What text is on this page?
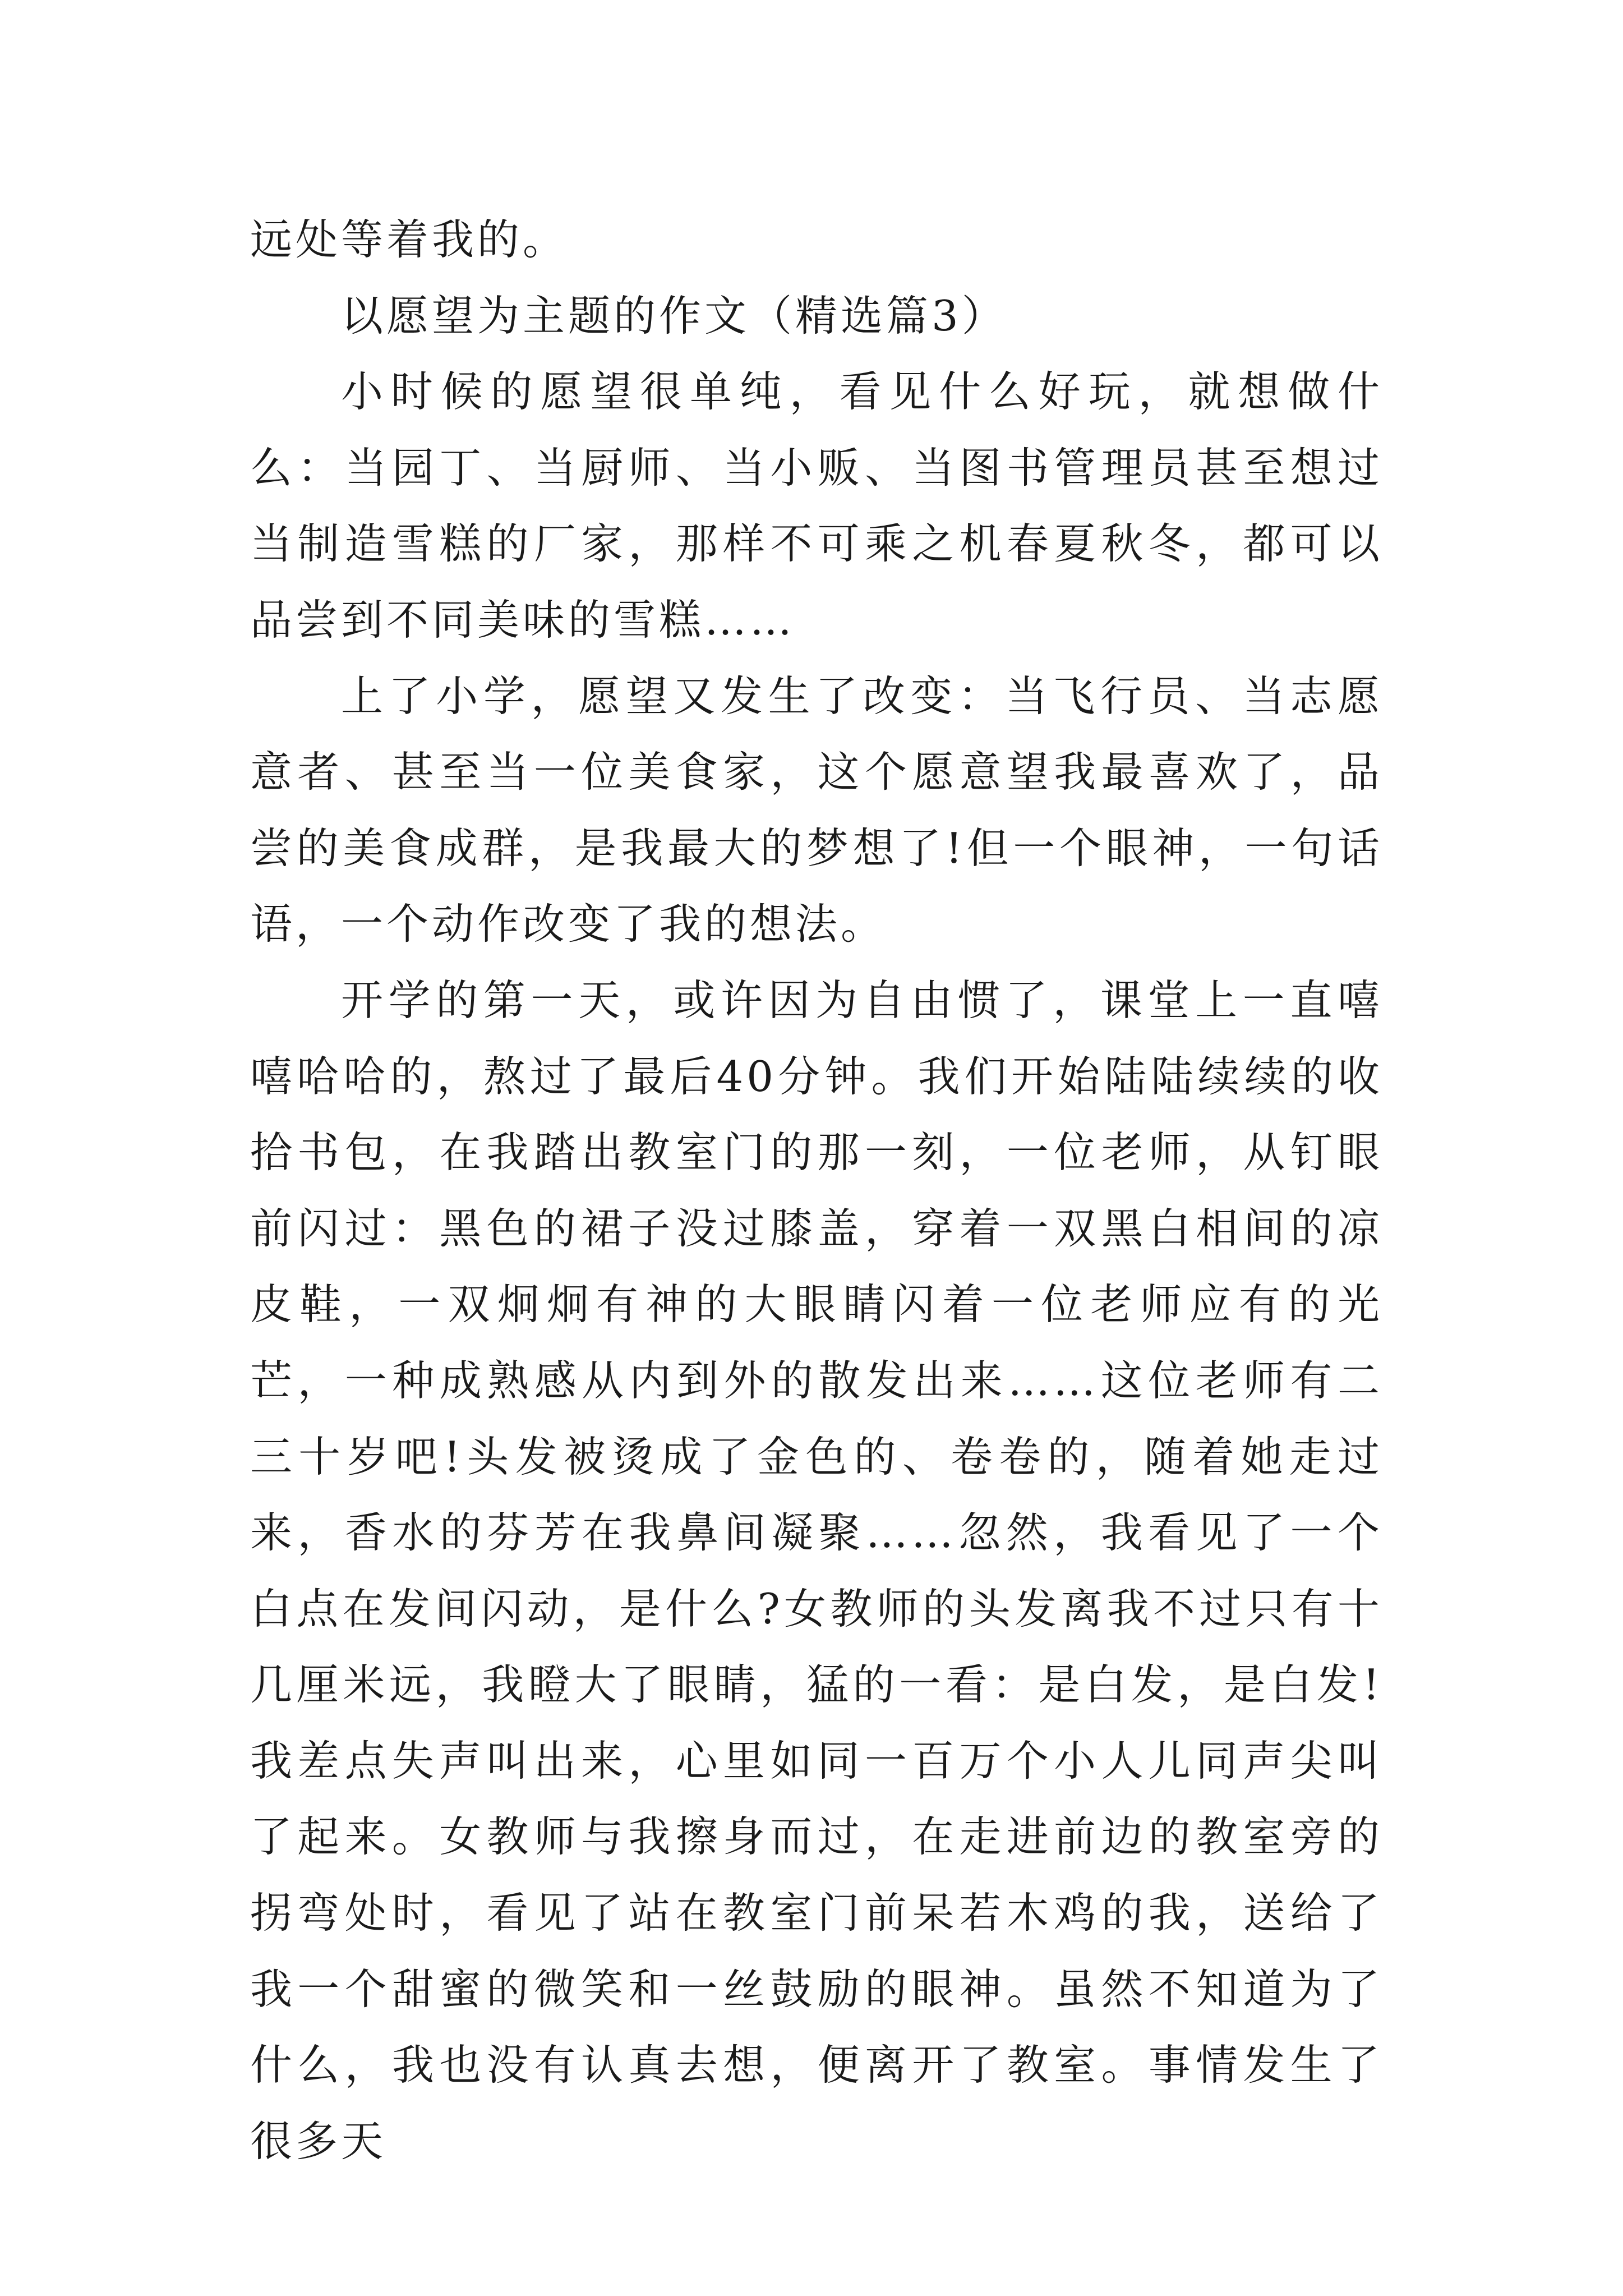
远处等着我的。

以愿望为主题的作文（精选篇3）

小时候的愿望很单纯，看见什么好玩，就想做什么：当园丁、当厨师、当小贩、当图书管理员甚至想过当制造雪糕的厂家，那样不可乘之机春夏秋冬，都可以品尝到不同美味的雪糕……

上了小学，愿望又发生了改变：当飞行员、当志愿意者、甚至当一位美食家，这个愿意望我最喜欢了，品尝的美食成群，是我最大的梦想了!但一个眼神，一句话语，一个动作改变了我的想法。

开学的第一天，或许因为自由惯了，课堂上一直嘻嘻哈哈的，熬过了最后40分钟。我们开始陆陆续续的收拾书包，在我踏出教室门的那一刻，一位老师，从钉眼前闪过：黑色的裙子没过膝盖，穿着一双黑白相间的凉皮鞋，一双炯炯有神的大眼睛闪着一位老师应有的光芒，一种成熟感从内到外的散发出来……这位老师有二三十岁吧!头发被烫成了金色的、卷卷的，随着她走过来，香水的芬芳在我鼻间凝聚……忽然，我看见了一个白点在发间闪动，是什么?女教师的头发离我不过只有十几厘米远，我瞪大了眼睛，猛的一看：是白发，是白发!我差点失声叫出来，心里如同一百万个小人儿同声尖叫了起来。女教师与我擦身而过，在走进前边的教室旁的拐弯处时，看见了站在教室门前呆若木鸡的我，送给了我一个甜蜜的微笑和一丝鼓励的眼神。虽然不知道为了什么，我也没有认真去想，便离开了教室。事情发生了很多天
